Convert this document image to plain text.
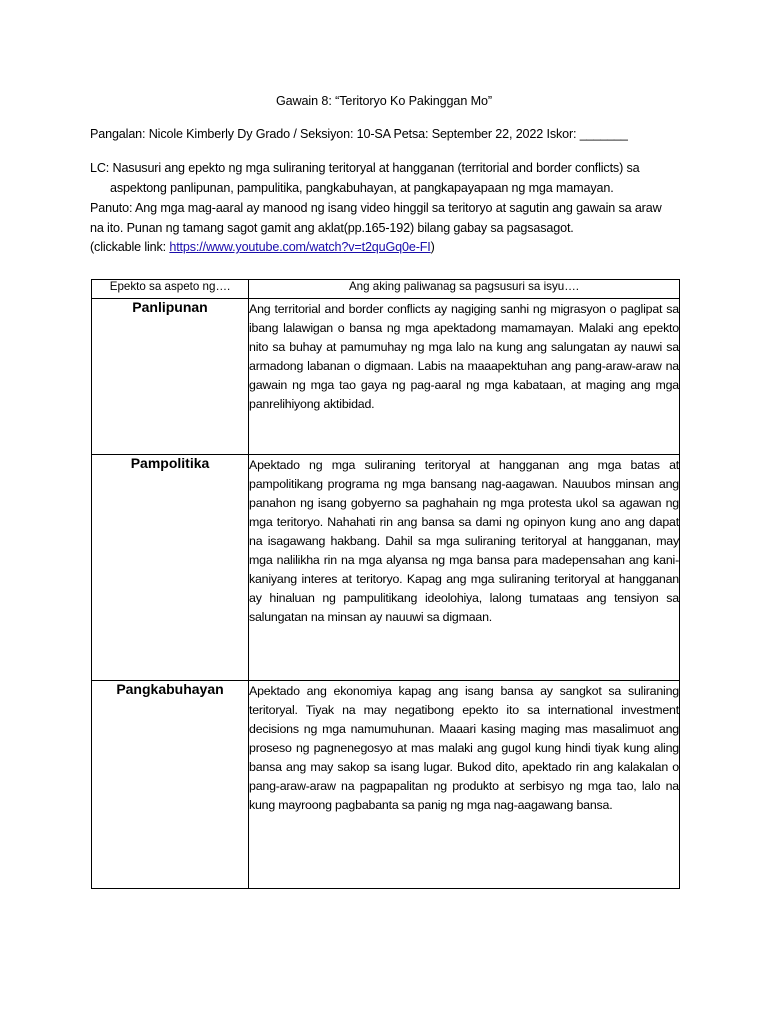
Gawain 8: “Teritoryo Ko Pakinggan Mo”
Pangalan: Nicole Kimberly Dy Grado / Seksiyon: 10-SA Petsa: September 22, 2022 Iskor: _______
LC: Nasusuri ang epekto ng mga suliraning teritoryal at hangganan (territorial and border conflicts) sa
aspektong panlipunan, pampulitika, pangkabuhayan, at pangkapayapaan ng mga mamayan.
Panuto: Ang mga mag-aaral ay manood ng isang video hinggil sa teritoryo at sagutin ang gawain sa araw
na ito. Punan ng tamang sagot gamit ang aklat(pp.165-192) bilang gabay sa pagsasagot.
(clickable link: https://www.youtube.com/watch?v=t2quGq0e-FI)
Epekto sa aspeto ng….	Ang aking paliwanag sa pagsusuri sa isyu….
Panlipunan	Ang territorial and border conflicts ay nagiging sanhi ng migrasyon o paglipat sa ibang lalawigan o bansa ng mga apektadong mamamayan. Malaki ang epekto nito sa buhay at pamumuhay ng mga lalo na kung ang salungatan ay nauwi sa armadong labanan o digmaan. Labis na maaapektuhan ang pang-araw-araw na gawain ng mga tao gaya ng pag-aaral ng mga kabataan, at maging ang mga panrelihiyong aktibidad.

Pampolitika	Apektado ng mga suliraning teritoryal at hangganan ang mga batas at pampolitikang programa ng mga bansang nag-aagawan. Nauubos minsan ang panahon ng isang gobyerno sa paghahain ng mga protesta ukol sa agawan ng mga teritoryo. Nahahati rin ang bansa sa dami ng opinyon kung ano ang dapat na isagawang hakbang. Dahil sa mga suliraning teritoryal at hangganan, may mga nalilikha rin na mga alyansa ng mga bansa para madepensahan ang kani-kaniyang interes at teritoryo. Kapag ang mga suliraning teritoryal at hangganan ay hinaluan ng pampulitikang ideolohiya, lalong tumataas ang tensiyon sa salungatan na minsan ay nauuwi sa digmaan.

Pangkabuhayan	Apektado ang ekonomiya kapag ang isang bansa ay sangkot sa suliraning teritoryal. Tiyak na may negatibong epekto ito sa international investment decisions ng mga namumuhunan. Maaari kasing maging mas masalimuot ang proseso ng pagnenegosyo at mas malaki ang gugol kung hindi tiyak kung aling bansa ang may sakop sa isang lugar. Bukod dito, apektado rin ang kalakalan o pang-araw-araw na pagpapalitan ng produkto at serbisyo ng mga tao, lalo na kung mayroong pagbabanta sa panig ng mga nag-aagawang bansa.
